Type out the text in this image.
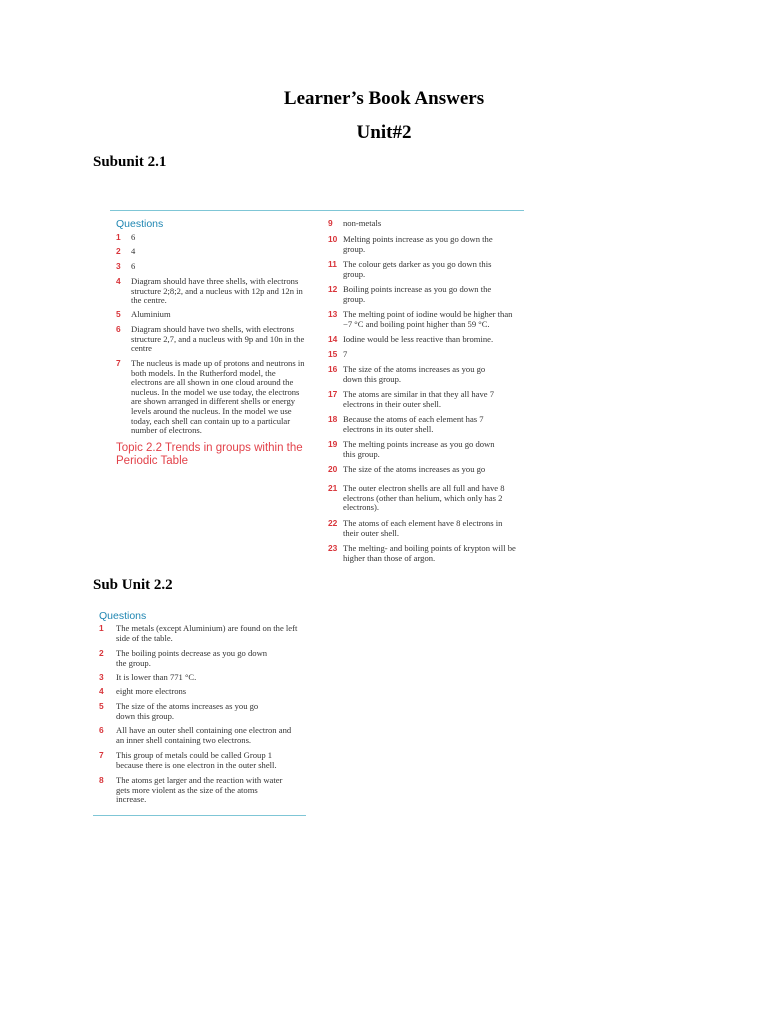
Learner’s Book Answers
Unit#2
Subunit 2.1
Questions
1	6
2	4
3	6
4	Diagram should have three shells, with electrons structure 2;8;2, and a nucleus with 12p and 12n in the centre.
5	Aluminium
6	Diagram should have two shells, with electrons structure 2,7, and a nucleus with 9p and 10n in the centre
7	The nucleus is made up of protons and neutrons in both models. In the Rutherford model, the electrons are all shown in one cloud around the nucleus. In the model we use today, the electrons are shown arranged in different shells or energy levels around the nucleus. In the model we use today, each shell can contain up to a particular number of electrons.
Topic 2.2 Trends in groups within the Periodic Table
9	non-metals
10 Melting points increase as you go down the group.
11 The colour gets darker as you go down this group.
12 Boiling points increase as you go down the group.
13 The melting point of iodine would be higher than −7 °C and boiling point higher than 59 °C.
14 Iodine would be less reactive than bromine.
15 7
16 The size of the atoms increases as you go down this group.
17 The atoms are similar in that they all have 7 electrons in their outer shell.
18 Because the atoms of each element has 7 electrons in its outer shell.
19 The melting points increase as you go down this group.
20 The size of the atoms increases as you go
21 The outer electron shells are all full and have 8 electrons (other than helium, which only has 2 electrons).
22 The atoms of each element have 8 electrons in their outer shell.
23 The melting- and boiling points of krypton will be higher than those of argon.
Sub Unit 2.2
Questions
1	The metals (except Aluminium) are found on the left side of the table.
2	The boiling points decrease as you go down the group.
3	It is lower than 771 °C.
4	eight more electrons
5	The size of the atoms increases as you go down this group.
6	All have an outer shell containing one electron and an inner shell containing two electrons.
7	This group of metals could be called Group 1 because there is one electron in the outer shell.
8	The atoms get larger and the reaction with water gets more violent as the size of the atoms increase.
